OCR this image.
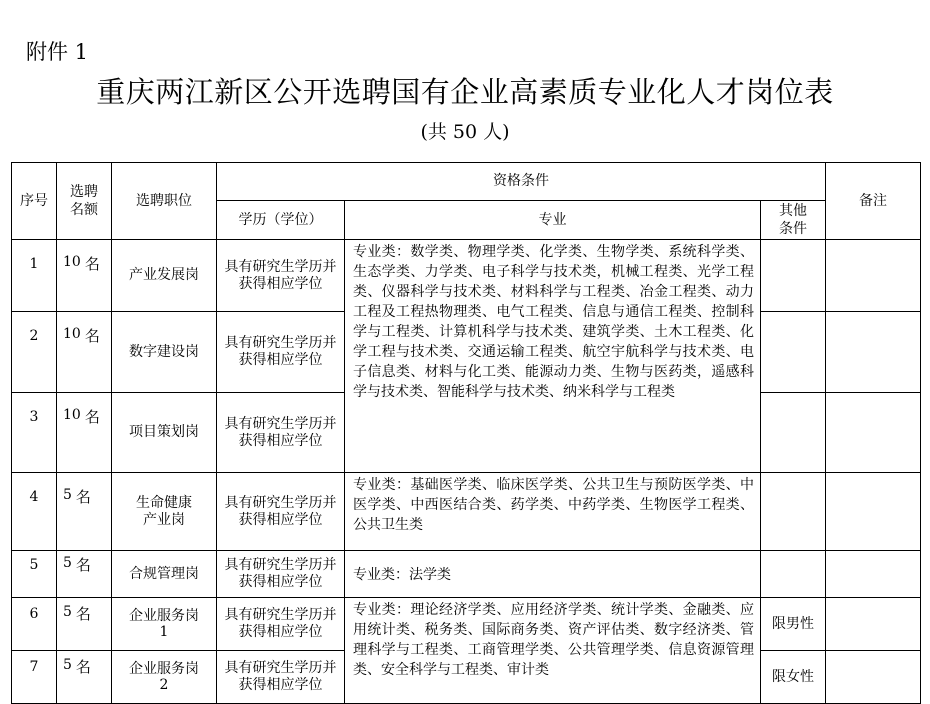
附件 1
重庆两江新区公开选聘国有企业高素质专业化人才岗位表
(共 50 人)
序号	选聘名额	选聘职位	资格条件			备注
			学历（学位）	专业	其他条件	

1	10 名	产业发展岗	具有研究生学历并获得相应学位	专业类：数学类、物理学类、化学类、生物学类、系统科学类、生态学类、力学类、电子科学与技术类，机械工程类、光学工程类、仪器科学与技术类、材料科学与工程类、冶金工程类、动力工程及工程热物理类、电气工程类、信息与通信工程类、控制科学与工程类、计算机科学与技术类、建筑学类、土木工程类、化学工程与技术类、交通运输工程类、航空宇航科学与技术类、电子信息类、材料与化工类、能源动力类、生物与医药类，遥感科学与技术类、智能科学与技术类、纳米科学与工程类		
2	10 名	数字建设岗	具有研究生学历并获得相应学位			

3	10 名	项目策划岗	具有研究生学历并获得相应学位			

4	5 名	生命健康产业岗	具有研究生学历并获得相应学位	专业类：基础医学类、临床医学类、公共卫生与预防医学类、中医学类、中西医结合类、药学类、中药学类、生物医学工程类、公共卫生类		
5	5 名	合规管理岗	具有研究生学历并获得相应学位	专业类：法学类		
6	5 名	企业服务岗1	具有研究生学历并获得相应学位	专业类：理论经济学类、应用经济学类、统计学类、金融类、应用统计类、税务类、国际商务类、资产评估类、数字经济类、管理科学与工程类、工商管理学类、公共管理学类、信息资源管理类、安全科学与工程类、审计类	限男性	
7	5 名	企业服务岗2	具有研究生学历并获得相应学位		限女性	
